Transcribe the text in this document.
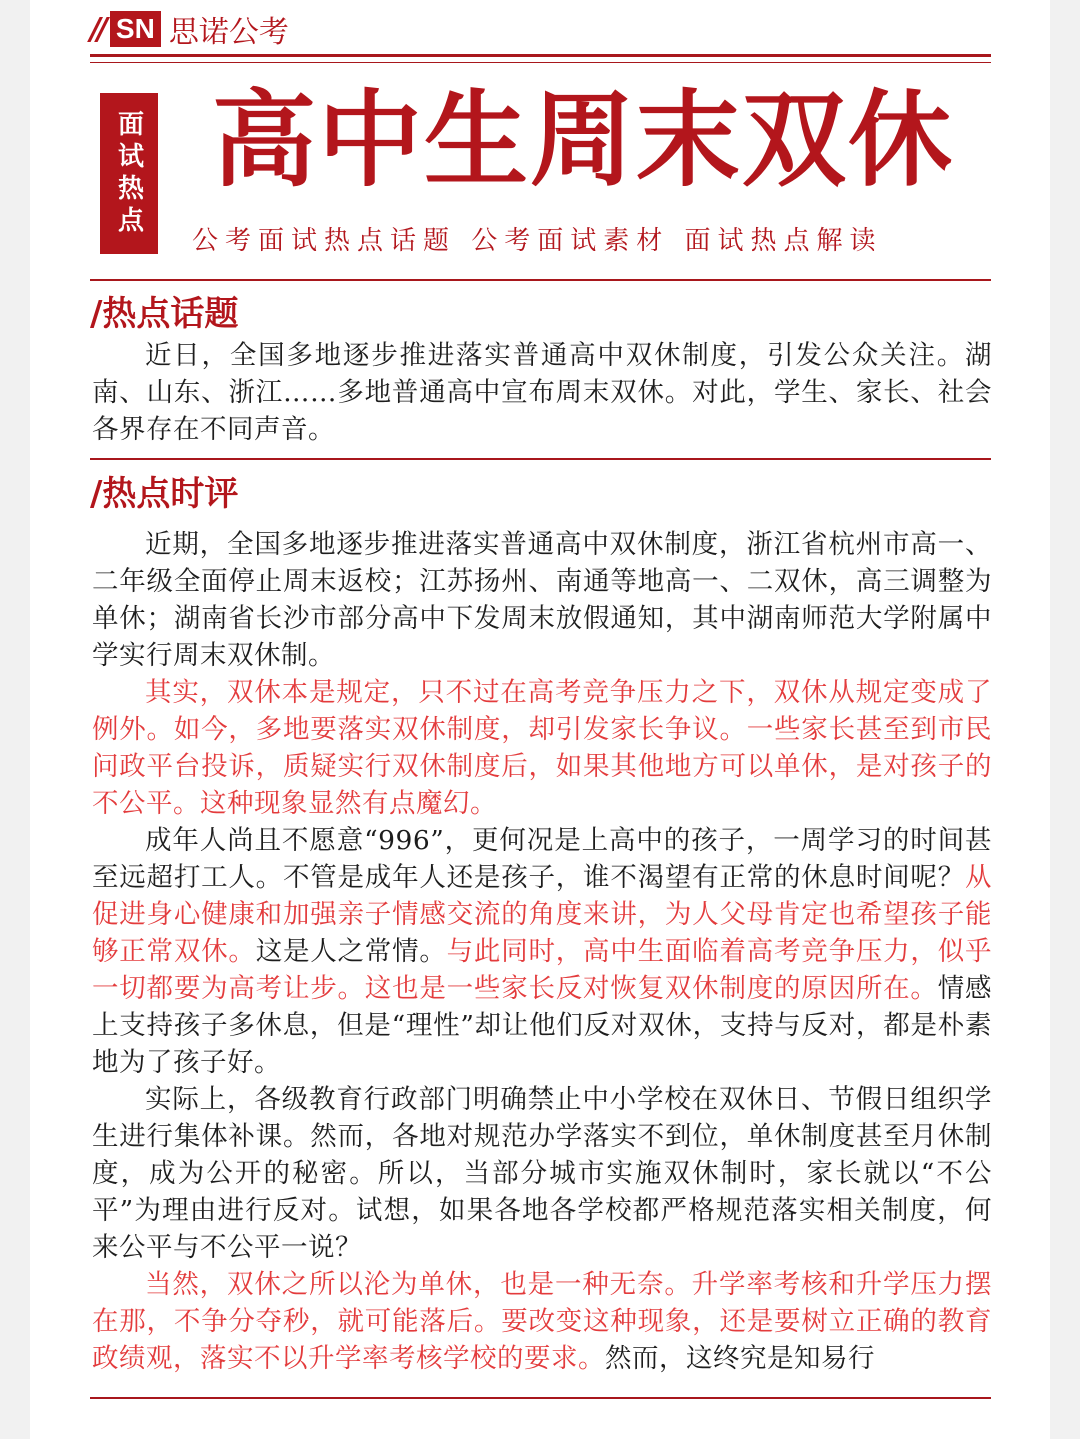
// SN 思诺公考
面试热点 高中生周末双休
公考面试热点话题 公考面试素材 面试热点解读
/热点话题

近日，全国多地逐步推进落实普通高中双休制度，引发公众关注。湖南、山东、浙江……多地普通高中宣布周末双休。对此，学生、家长、社会各界存在不同声音。

/热点时评

近期，全国多地逐步推进落实普通高中双休制度，浙江省杭州市高一、二年级全面停止周末返校；江苏扬州、南通等地高一、二双休，高三调整为单休；湖南省长沙市部分高中下发周末放假通知，其中湖南师范大学附属中学实行周末双休制。

其实，双休本是规定，只不过在高考竞争压力之下，双休从规定变成了例外。如今，多地要落实双休制度，却引发家长争议。一些家长甚至到市民问政平台投诉，质疑实行双休制度后，如果其他地方可以单休，是对孩子的不公平。这种现象显然有点魔幻。

成年人尚且不愿意“996”，更何况是上高中的孩子，一周学习的时间甚至远超打工人。不管是成年人还是孩子，谁不渴望有正常的休息时间呢？从促进身心健康和加强亲子情感交流的角度来讲，为人父母肯定也希望孩子能够正常双休。这是人之常情。与此同时，高中生面临着高考竞争压力，似乎一切都要为高考让步。这也是一些家长反对恢复双休制度的原因所在。情感上支持孩子多休息，但是“理性”却让他们反对双休，支持与反对，都是朴素地为了孩子好。

实际上，各级教育行政部门明确禁止中小学校在双休日、节假日组织学生进行集体补课。然而，各地对规范办学落实不到位，单休制度甚至月休制度，成为公开的秘密。所以，当部分城市实施双休制时，家长就以“不公平”为理由进行反对。试想，如果各地各学校都严格规范落实相关制度，何来公平与不公平一说？

当然，双休之所以沦为单休，也是一种无奈。升学率考核和升学压力摆在那，不争分夺秒，就可能落后。要改变这种现象，还是要树立正确的教育政绩观，落实不以升学率考核学校的要求。然而，这终究是知易行
